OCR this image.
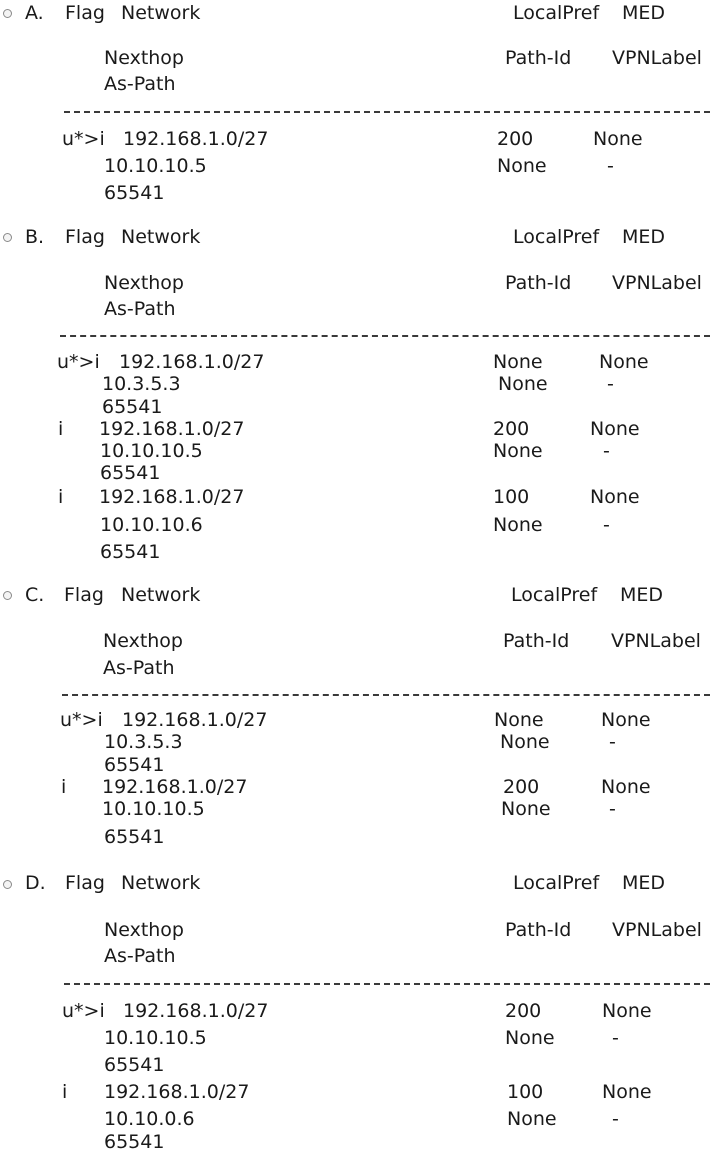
A. Flag Network	LocalPref MED
Nexthop	Path-Id VPNLabel
As-Path
u*>i 192.168.1.0/27	200	None
10.10.10.5	None	-
65541
B. Flag Network	LocalPref MED
Nexthop	Path-Id VPNLabel
As-Path
u*>i 192.168.1.0/27	None	None
10.3.5.3	None	-
65541
i 192.168.1.0/27	200	None
10.10.10.5	None	-
65541
i 192.168.1.0/27	100	None
10.10.10.6	None	-
65541
C. Flag Network	LocalPref MED
Nexthop	Path-Id VPNLabel
As-Path
u*>i 192.168.1.0/27	None	None
10.3.5.3	None	-
65541
i 192.168.1.0/27	200	None
10.10.10.5	None	-
65541
D. Flag Network	LocalPref MED
Nexthop	Path-Id VPNLabel
As-Path
u*>i 192.168.1.0/27	200	None
10.10.10.5	None	-
65541
i 192.168.1.0/27	100	None
10.10.0.6	None	-
65541
